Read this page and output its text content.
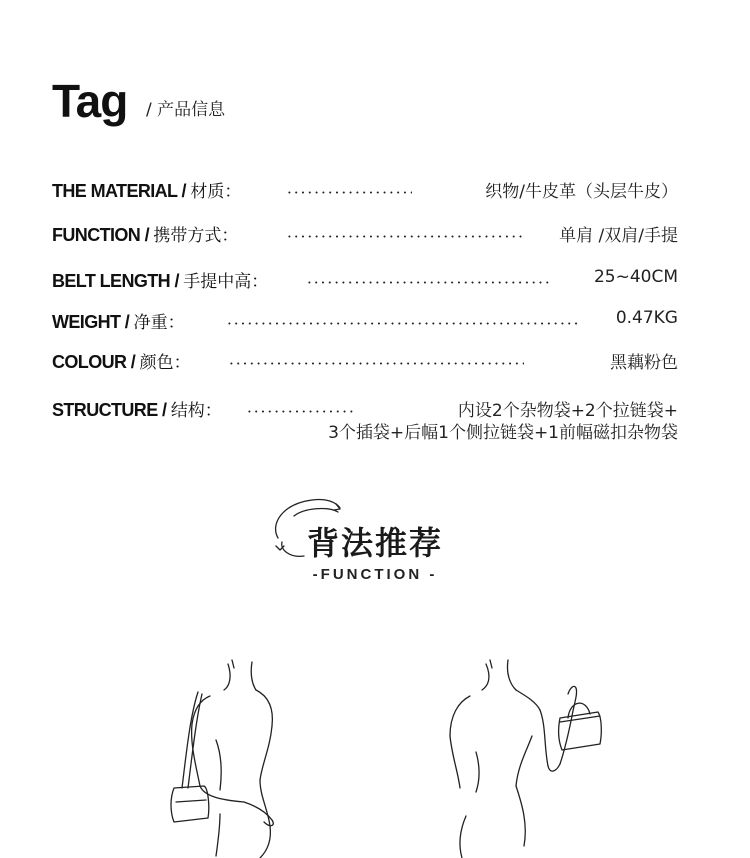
Tag / 产品信息
THE MATERIAL / 材质：	织物/牛皮革（头层牛皮）
FUNCTION / 携带方式：	单肩 /双肩/手提
BELT LENGTH / 手提中高：	25~40CM
WEIGHT / 净重：	0.47KG
COLOUR / 颜色：	黑藕粉色
STRUCTURE / 结构：	内设2个杂物袋+2个拉链袋+
3个插袋+后幅1个侧拉链袋+1前幅磁扣杂物袋
背法推荐
-FUNCTION -
